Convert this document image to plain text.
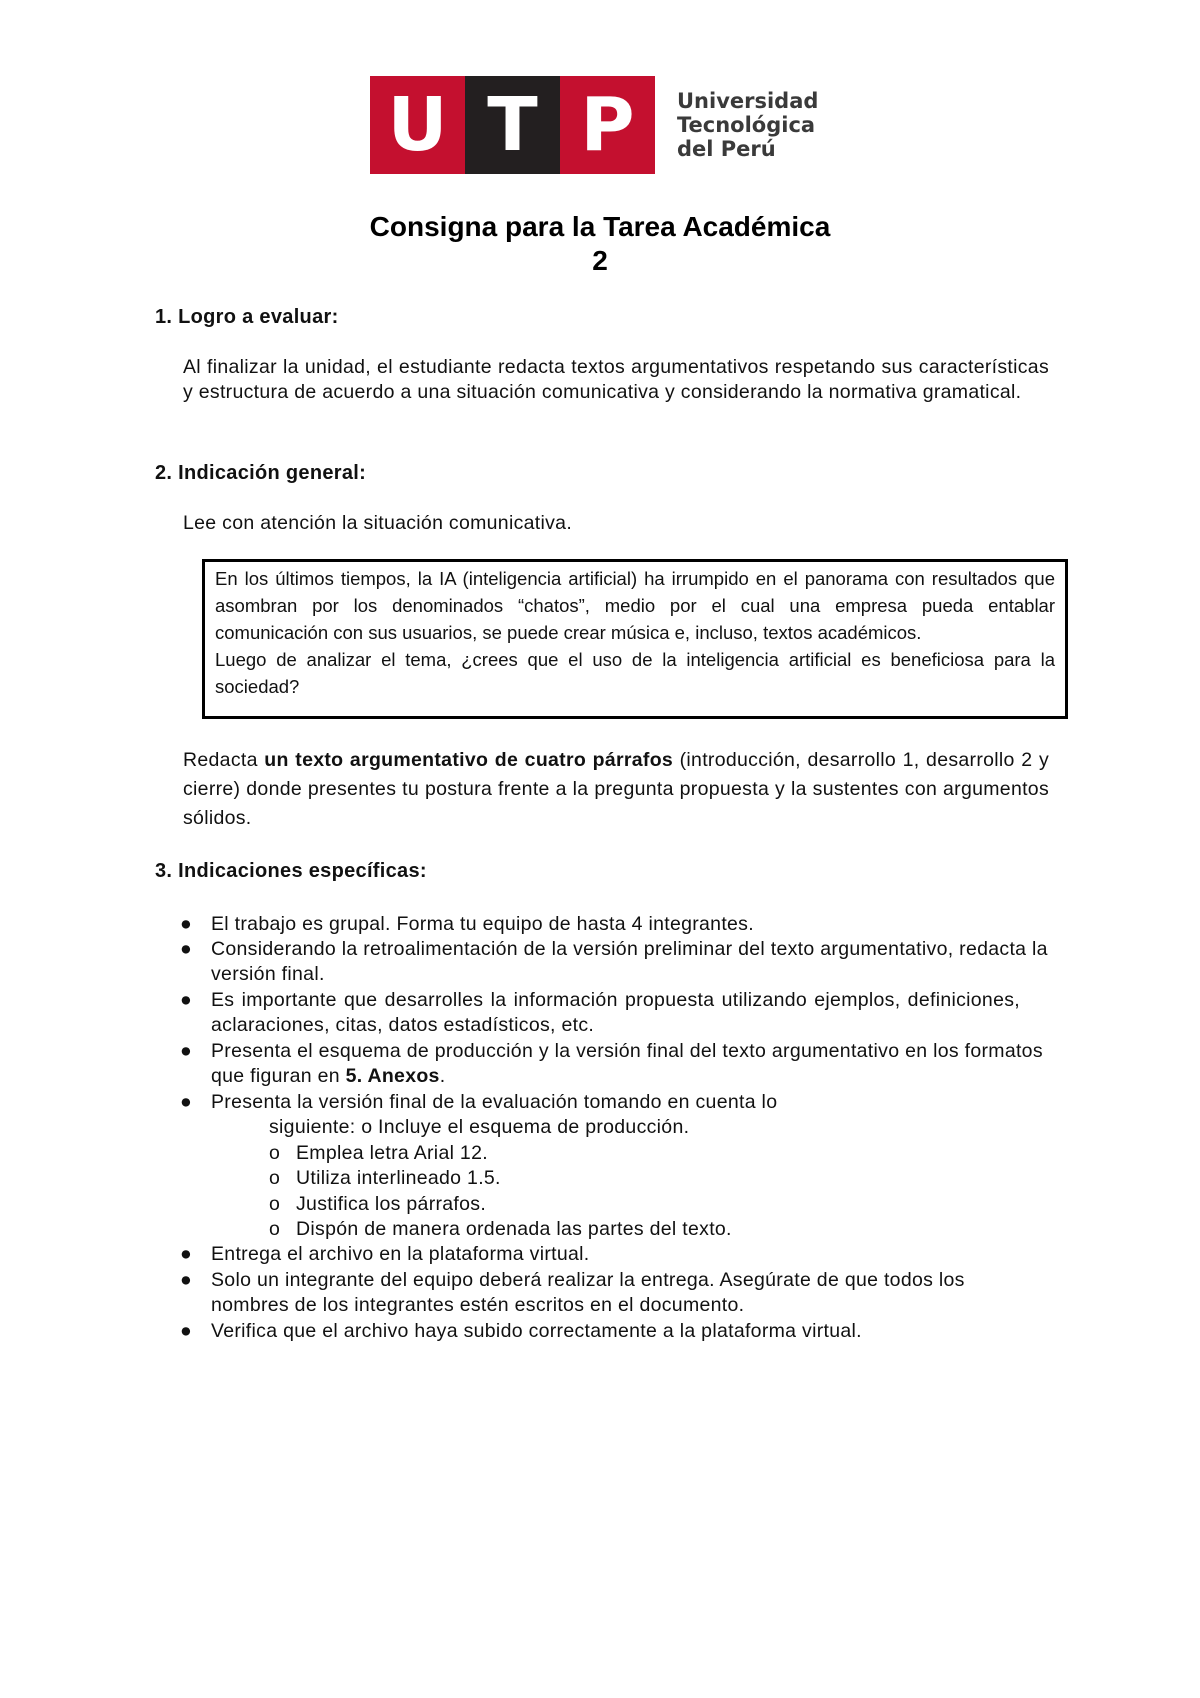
U T P	Universidad
Tecnológica
del Perú
Consigna para la Tarea Académica
2
1. Logro a evaluar:
Al finalizar la unidad, el estudiante redacta textos argumentativos respetando sus características y estructura de acuerdo a una situación comunicativa y considerando la normativa gramatical.
2. Indicación general:
Lee con atención la situación comunicativa.

En los últimos tiempos, la IA (inteligencia artificial) ha irrumpido en el panorama con resultados que asombran por los denominados “chatos”, medio por el cual una empresa pueda entablar comunicación con sus usuarios, se puede crear música e, incluso, textos académicos.

Luego de analizar el tema, ¿crees que el uso de la inteligencia artificial es beneficiosa para la sociedad?

Redacta un texto argumentativo de cuatro párrafos (introducción, desarrollo 1, desarrollo 2 y cierre) donde presentes tu postura frente a la pregunta propuesta y la sustentes con argumentos sólidos.
3. Indicaciones específicas:
● El trabajo es grupal. Forma tu equipo de hasta 4 integrantes.
● Considerando la retroalimentación de la versión preliminar del texto argumentativo, redacta la versión final.
● Es importante que desarrolles la información propuesta utilizando ejemplos, definiciones, aclaraciones, citas, datos estadísticos, etc.
● Presenta el esquema de producción y la versión final del texto argumentativo en los formatos que figuran en 5. Anexos.
● Presenta la versión final de la evaluación tomando en cuenta lo
siguiente: o Incluye el esquema de producción.
o Emplea letra Arial 12.
o Utiliza interlineado 1.5.
o Justifica los párrafos.
o Dispón de manera ordenada las partes del texto.
● Entrega el archivo en la plataforma virtual.
● Solo un integrante del equipo deberá realizar la entrega. Asegúrate de que todos los nombres de los integrantes estén escritos en el documento.
● Verifica que el archivo haya subido correctamente a la plataforma virtual.
